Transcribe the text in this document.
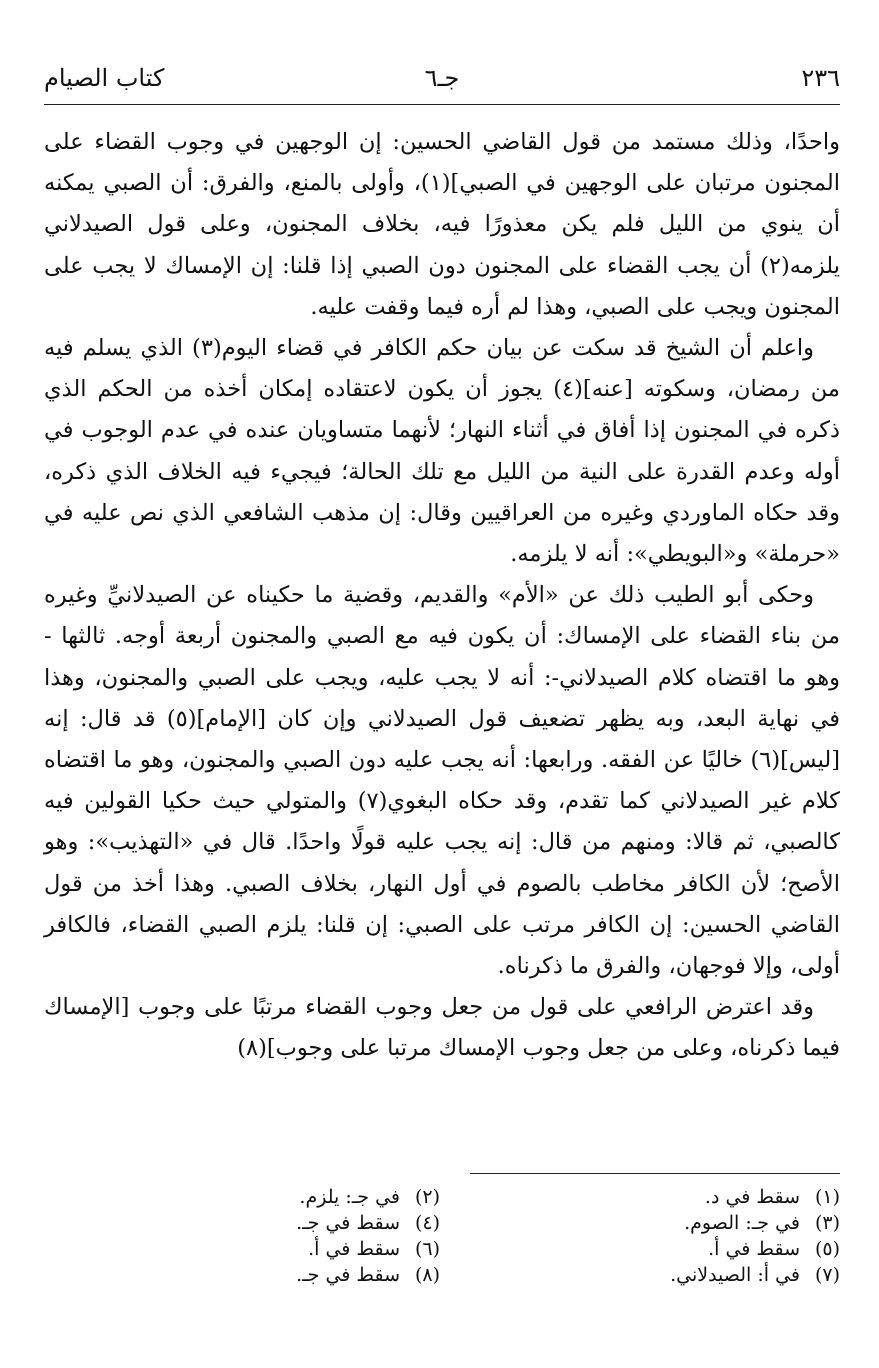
٢٣٦
جـ٦
كتاب الصيام

واحدًا، وذلك مستمد من قول القاضي الحسين: إن الوجهين في وجوب القضاء على المجنون مرتبان على الوجهين في الصبي](١)، وأولى بالمنع، والفرق: أن الصبي يمكنه أن ينوي من الليل فلم يكن معذورًا فيه، بخلاف المجنون، وعلى قول الصيدلاني يلزمه(٢) أن يجب القضاء على المجنون دون الصبي إذا قلنا: إن الإمساك لا يجب على المجنون ويجب على الصبي، وهذا لم أره فيما وقفت عليه.

واعلم أن الشيخ قد سكت عن بيان حكم الكافر في قضاء اليوم(٣) الذي يسلم فيه من رمضان، وسكوته [عنه](٤) يجوز أن يكون لاعتقاده إمكان أخذه من الحكم الذي ذكره في المجنون إذا أفاق في أثناء النهار؛ لأنهما متساويان عنده في عدم الوجوب في أوله وعدم القدرة على النية من الليل مع تلك الحالة؛ فيجيء فيه الخلاف الذي ذكره، وقد حكاه الماوردي وغيره من العراقيين وقال: إن مذهب الشافعي الذي نص عليه في «حرملة» و«البويطي»: أنه لا يلزمه.

وحكى أبو الطيب ذلك عن «الأم» والقديم، وقضية ما حكيناه عن الصيدلانيِّ وغيره من بناء القضاء على الإمساك: أن يكون فيه مع الصبي والمجنون أربعة أوجه. ثالثها - وهو ما اقتضاه كلام الصيدلاني-: أنه لا يجب عليه، ويجب على الصبي والمجنون، وهذا في نهاية البعد، وبه يظهر تضعيف قول الصيدلاني وإن كان [الإمام](٥) قد قال: إنه [ليس](٦) خاليًا عن الفقه. ورابعها: أنه يجب عليه دون الصبي والمجنون، وهو ما اقتضاه كلام غير الصيدلاني كما تقدم، وقد حكاه البغوي(٧) والمتولي حيث حكيا القولين فيه كالصبي، ثم قالا: ومنهم من قال: إنه يجب عليه قولًا واحدًا. قال في «التهذيب»: وهو الأصح؛ لأن الكافر مخاطب بالصوم في أول النهار، بخلاف الصبي. وهذا أخذ من قول القاضي الحسين: إن الكافر مرتب على الصبي: إن قلنا: يلزم الصبي القضاء، فالكافر أولى، وإلا فوجهان، والفرق ما ذكرناه.

وقد اعترض الرافعي على قول من جعل وجوب القضاء مرتبًا على وجوب [الإمساك فيما ذكرناه، وعلى من جعل وجوب الإمساك مرتبا على وجوب](٨)

(١)سقط في د.
(٣)في جـ: الصوم.
(٥)سقط في أ.
(٧)في أ: الصيدلاني.
(٢)في جـ: يلزم.
(٤)سقط في جـ.
(٦)سقط في أ.
(٨)سقط في جـ.
